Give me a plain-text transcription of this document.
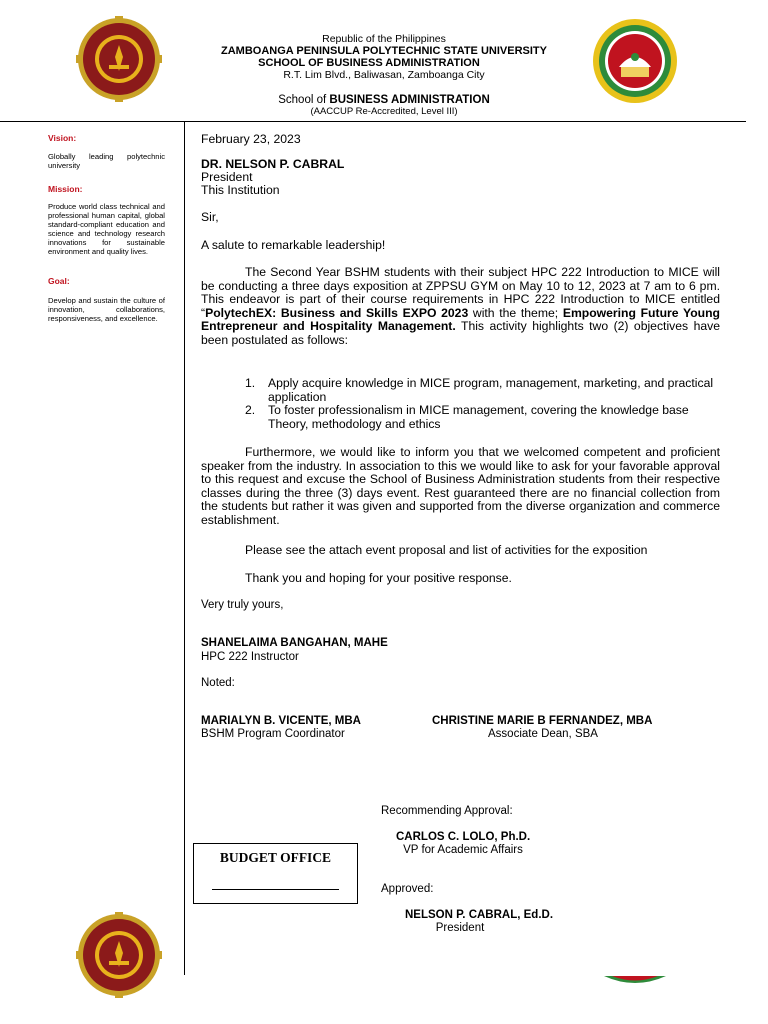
Republic of the Philippines
ZAMBOANGA PENINSULA POLYTECHNIC STATE UNIVERSITY
SCHOOL OF BUSINESS ADMINISTRATION
R.T. Lim Blvd., Baliwasan, Zamboanga City
School of BUSINESS ADMINISTRATION
(AACCUP Re-Accredited, Level III)
Vision:
Globally leading polytechnic university
Mission:
Produce world class technical and professional human capital, global standard-compliant education and science and technology research innovations for sustainable environment and quality lives.
Goal:
Develop and sustain the culture of innovation, collaborations, responsiveness, and excellence.
February 23, 2023
DR. NELSON P. CABRAL
President
This Institution
Sir,
A salute to remarkable leadership!
The Second Year BSHM students with their subject HPC 222 Introduction to MICE will be conducting a three days exposition at ZPPSU GYM on May 10 to 12, 2023 at 7 am to 6 pm. This endeavor is part of their course requirements in HPC 222 Introduction to MICE entitled “PolytechEX: Business and Skills EXPO 2023 with the theme; Empowering Future Young Entrepreneur and Hospitality Management. This activity highlights two (2) objectives have been postulated as follows:
1. Apply acquire knowledge in MICE program, management, marketing, and practical application
2. To foster professionalism in MICE management, covering the knowledge base Theory, methodology and ethics
Furthermore, we would like to inform you that we welcomed competent and proficient speaker from the industry. In association to this we would like to ask for your favorable approval to this request and excuse the School of Business Administration students from their respective classes during the three (3) days event. Rest guaranteed there are no financial collection from the students but rather it was given and supported from the diverse organization and commerce establishment.
Please see the attach event proposal and list of activities for the exposition
Thank you and hoping for your positive response.
Very truly yours,
SHANELAIMA BANGAHAN, MAHE
HPC 222 Instructor
Noted:
MARIALYN B. VICENTE, MBA
BSHM Program Coordinator
CHRISTINE MARIE B FERNANDEZ, MBA
Associate Dean, SBA
Recommending Approval:
CARLOS C. LOLO, Ph.D.
VP for Academic Affairs
Approved:
NELSON P. CABRAL, Ed.D.
President
BUDGET OFFICE
